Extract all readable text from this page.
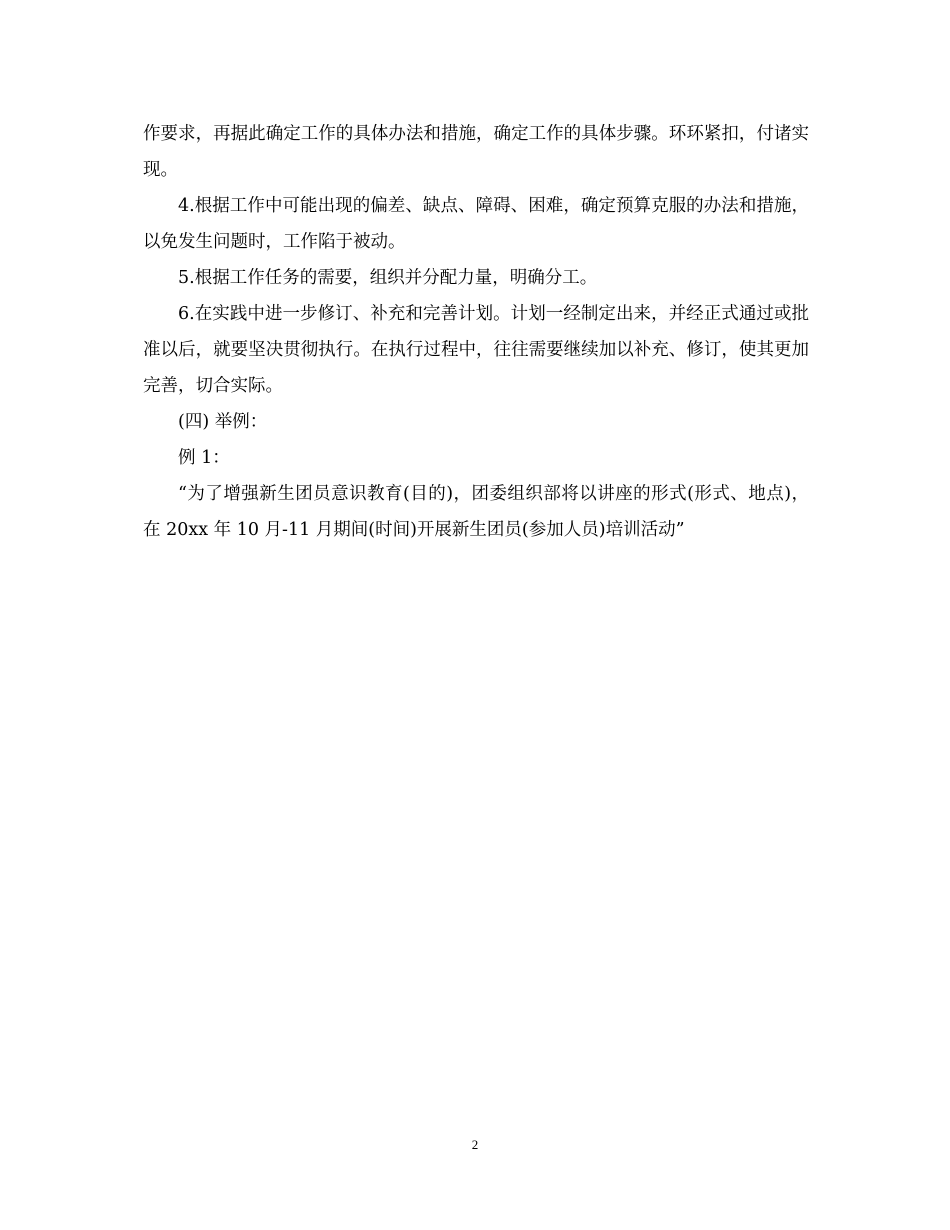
作要求，再据此确定工作的具体办法和措施，确定工作的具体步骤。环环紧扣，付诸实现。

4.根据工作中可能出现的偏差、缺点、障碍、困难，确定预算克服的办法和措施，以免发生问题时，工作陷于被动。

5.根据工作任务的需要，组织并分配力量，明确分工。

6.在实践中进一步修订、补充和完善计划。计划一经制定出来，并经正式通过或批准以后，就要坚决贯彻执行。在执行过程中，往往需要继续加以补充、修订，使其更加完善，切合实际。

(四) 举例：

例 1：

“为了增强新生团员意识教育(目的)，团委组织部将以讲座的形式(形式、地点)，在 20xx 年 10 月-11 月期间(时间)开展新生团员(参加人员)培训活动”

2
